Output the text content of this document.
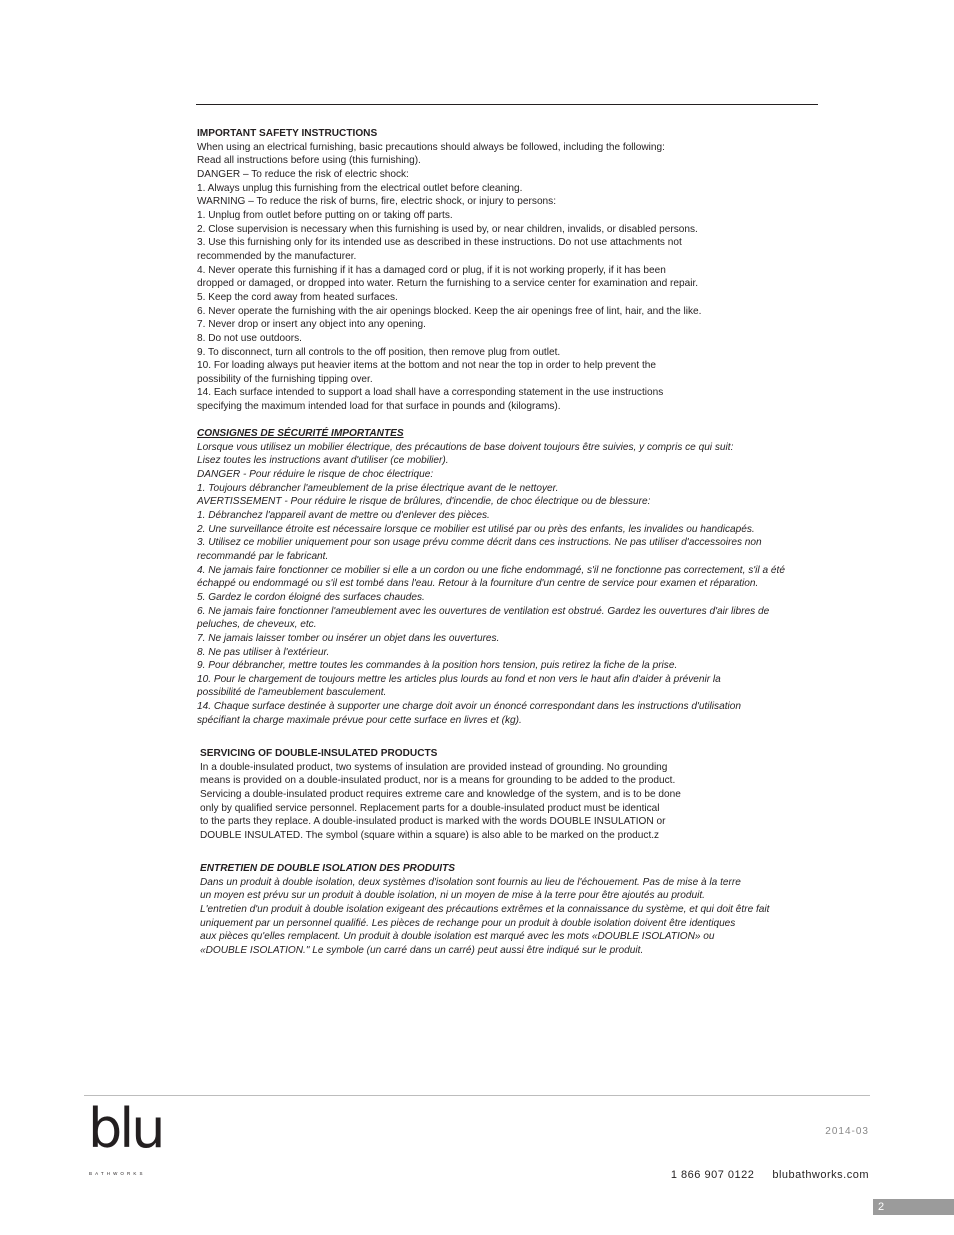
IMPORTANT SAFETY INSTRUCTIONS

When using an electrical furnishing, basic precautions should always be followed, including the following:

Read all instructions before using (this furnishing).

DANGER – To reduce the risk of electric shock:

1. Always unplug this furnishing from the electrical outlet before cleaning.

WARNING – To reduce the risk of burns, fire, electric shock, or injury to persons:

1. Unplug from outlet before putting on or taking off parts.

2. Close supervision is necessary when this furnishing is used by, or near children, invalids, or disabled persons.

3. Use this furnishing only for its intended use as described in these instructions. Do not use attachments not

recommended by the manufacturer.

4. Never operate this furnishing if it has a damaged cord or plug, if it is not working properly, if it has been

dropped or damaged, or dropped into water. Return the furnishing to a service center for examination and repair.

5. Keep the cord away from heated surfaces.

6. Never operate the furnishing with the air openings blocked. Keep the air openings free of lint, hair, and the like.

7. Never drop or insert any object into any opening.

8. Do not use outdoors.

9. To disconnect, turn all controls to the off position, then remove plug from outlet.

10. For loading always put heavier items at the bottom and not near the top in order to help prevent the

possibility of the furnishing tipping over.

14. Each surface intended to support a load shall have a corresponding statement in the use instructions

specifying the maximum intended load for that surface in pounds and (kilograms).

CONSIGNES DE SÉCURITÉ IMPORTANTES

Lorsque vous utilisez un mobilier électrique, des précautions de base doivent toujours être suivies, y compris ce qui suit:

Lisez toutes les instructions avant d'utiliser (ce mobilier).

DANGER - Pour réduire le risque de choc électrique:

1. Toujours débrancher l'ameublement de la prise électrique avant de le nettoyer.

AVERTISSEMENT - Pour réduire le risque de brûlures, d'incendie, de choc électrique ou de blessure:

1. Débranchez l'appareil avant de mettre ou d'enlever des pièces.

2. Une surveillance étroite est nécessaire lorsque ce mobilier est utilisé par ou près des enfants, les invalides ou handicapés.

3. Utilisez ce mobilier uniquement pour son usage prévu comme décrit dans ces instructions. Ne pas utiliser d'accessoires non

recommandé par le fabricant.

4. Ne jamais faire fonctionner ce mobilier si elle a un cordon ou une fiche endommagé, s'il ne fonctionne pas correctement, s'il a été

échappé ou endommagé ou s'il est tombé dans l'eau. Retour à la fourniture d'un centre de service pour examen et réparation.

5. Gardez le cordon éloigné des surfaces chaudes.

6. Ne jamais faire fonctionner l'ameublement avec les ouvertures de ventilation est obstrué. Gardez les ouvertures d'air libres de

peluches, de cheveux, etc.

7. Ne jamais laisser tomber ou insérer un objet dans les ouvertures.

8. Ne pas utiliser à l'extérieur.

9. Pour débrancher, mettre toutes les commandes à la position hors tension, puis retirez la fiche de la prise.

10. Pour le chargement de toujours mettre les articles plus lourds au fond et non vers le haut afin d'aider à prévenir la

possibilité de l'ameublement basculement.

14. Chaque surface destinée à supporter une charge doit avoir un énoncé correspondant dans les instructions d'utilisation

spécifiant la charge maximale prévue pour cette surface en livres et (kg).

SERVICING OF DOUBLE-INSULATED PRODUCTS

In a double-insulated product, two systems of insulation are provided instead of grounding. No grounding

means is provided on a double-insulated product, nor is a means for grounding to be added to the product.

Servicing a double-insulated product requires extreme care and knowledge of the system, and is to be done

only by qualified service personnel. Replacement parts for a double-insulated product must be identical

to the parts they replace. A double-insulated product is marked with the words DOUBLE INSULATION or

DOUBLE INSULATED. The symbol (square within a square) is also able to be marked on the product.z

ENTRETIEN DE DOUBLE ISOLATION DES PRODUITS

Dans un produit à double isolation, deux systèmes d'isolation sont fournis au lieu de l'échouement. Pas de mise à la terre

un moyen est prévu sur un produit à double isolation, ni un moyen de mise à la terre pour être ajoutés au produit.

L'entretien d'un produit à double isolation exigeant des précautions extrêmes et la connaissance du système, et qui doit être fait

uniquement par un personnel qualifié. Les pièces de rechange pour un produit à double isolation doivent être identiques

aux pièces qu'elles remplacent. Un produit à double isolation est marqué avec les mots «DOUBLE ISOLATION» ou

«DOUBLE ISOLATION." Le symbole (un carré dans un carré) peut aussi être indiqué sur le produit.

blu
BATHWORKS
2014-03
1 866 907 0122 blubathworks.com
2
